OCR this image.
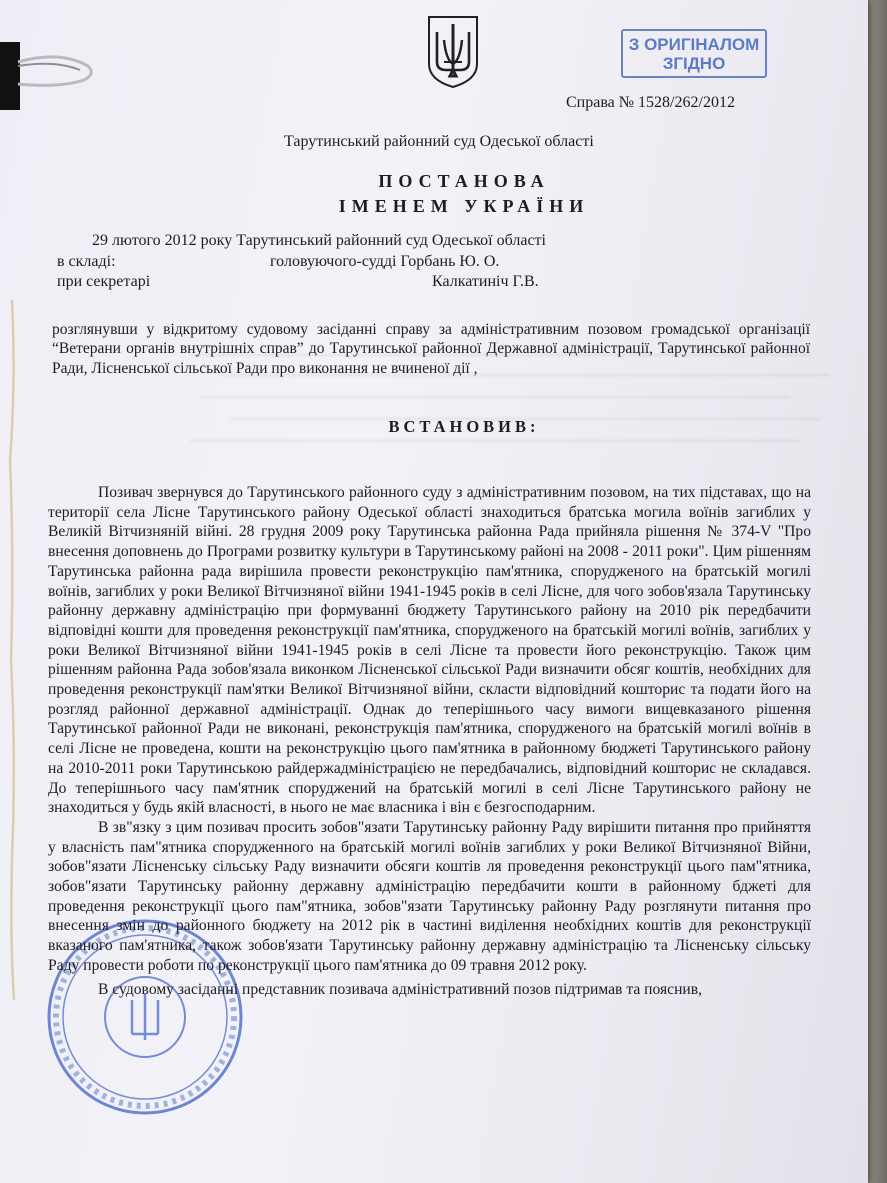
З ОРИГІНАЛОМ
ЗГІДНО
Справа № 1528/262/2012
Тарутинський районний суд Одеської області
ПОСТАНОВА
ІМЕНЕМ УКРАЇНИ
29 лютого 2012 року Тарутинський районний суд Одеської області
в складі:	головуючого-судді Горбань Ю. О.
при секретарі	Калкатиніч Г.В.
розглянувши у відкритому судовому засіданні справу за адміністративним позовом громадської організації “Ветерани органів внутрішніх справ” до Тарутинської районної Державної адміністрації, Тарутинської районної Ради, Лісненської сільської Ради про виконання не вчиненої дії ,
ВСТАНОВИВ:

Позивач звернувся до Тарутинського районного суду з адміністративним позовом, на тих підставах, що на території села Лісне Тарутинського району Одеської області знаходиться братська могила воїнів загиблих у Великій Вітчизняній війні. 28 грудня 2009 року Тарутинська районна Рада прийняла рішення № 374-V "Про внесення доповнень до Програми розвитку культури в Тарутинському районі на 2008 - 2011 роки". Цим рішенням Тарутинська районна рада вирішила провести реконструкцію пам'ятника, спорудженого на братській могилі воїнів, загиблих у роки Великої Вітчизняної війни 1941-1945 років в селі Лісне, для чого зобов'язала Тарутинську районну державну адміністрацію при формуванні бюджету Тарутинського району на 2010 рік передбачити відповідні кошти для проведення реконструкції пам'ятника, спорудженого на братській могилі воїнів, загиблих у роки Великої Вітчизняної війни 1941-1945 років в селі Лісне та провести його реконструкцію. Також цим рішенням районна Рада зобов'язала виконком Лісненської сільської Ради визначити обсяг коштів, необхідних для проведення реконструкції пам'ятки Великої Вітчизняної війни, скласти відповідний кошторис та подати його на розгляд районної державної адміністрації. Однак до теперішнього часу вимоги вищевказаного рішення Тарутинської районної Ради не виконані, реконструкція пам'ятника, спорудженого на братській могилі воїнів в селі Лісне не проведена, кошти на реконструкцію цього пам'ятника в районному бюджеті Тарутинського району на 2010-2011 роки Тарутинською райдержадміністрацією не передбачались, відповідний кошторис не складався. До теперішнього часу пам'ятник споруджений на братській могилі в селі Лісне Тарутинського району не знаходиться у будь якій власності, в нього не має власника і він є безгосподарним.

В зв"язку з цим позивач просить зобов"язати Тарутинську районну Раду вирішити питання про прийняття у власність пам"ятника спорудженного на братській могилі воїнів загиблих у роки Великої Вітчизняної Війни, зобов"язати Лісненську сільську Раду визначити обсяги коштів ля проведення реконструкції цього пам"ятника, зобов"язати Тарутинську районну державну адміністрацію передбачити кошти в районному бджеті для проведення реконструкції цього пам"ятника, зобов"язати Тарутинську районну Раду розглянути питання про внесення змін до районного бюджету на 2012 рік в частині виділення необхідних коштів для реконструкції вказаного пам'ятника, також зобов'язати Тарутинську районну державну адміністрацію та Лісненську сільську Раду провести роботи по реконструкції цього пам'ятника до 09 травня 2012 року.

В судовому засіданні представник позивача адміністративний позов підтримав та пояснив,
